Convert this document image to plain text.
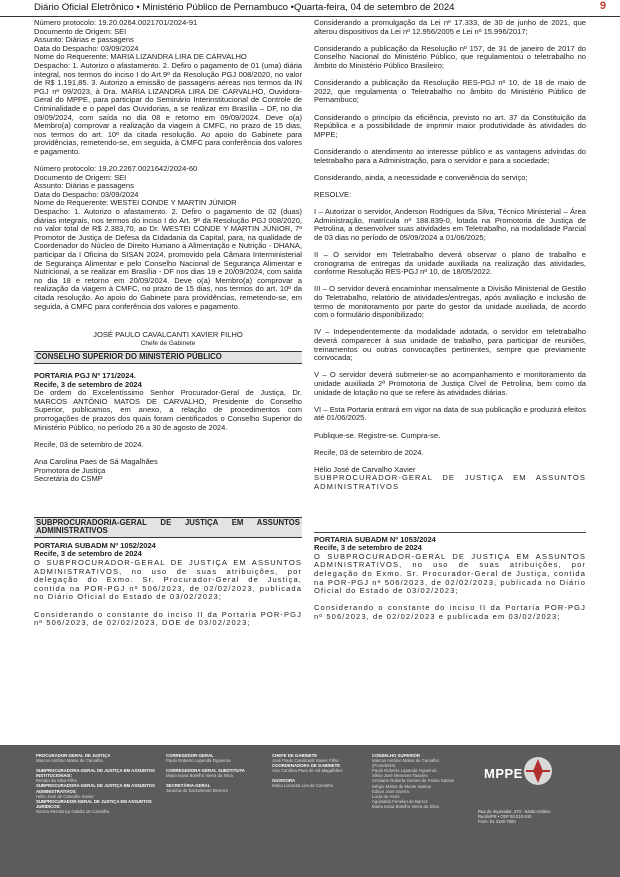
Diário Oficial Eletrônico • Ministério Público de Pernambuco •Quarta-feira, 04 de setembro de 2024	9

Número protocolo: 19.20.0264.0021701/2024-91
Documento de Origem: SEI
Assunto: Diárias e passagens
Data do Despacho: 03/09/2024
Nome do Requerente: MARIA LIZANDRA LIRA DE CARVALHO
Despacho: 1. Autorizo o afastamento. 2. Defiro o pagamento de 01 (uma) diária integral, nos termos do inciso I do Art.9º da Resolução PGJ 008/2020, no valor de R$ 1.191,85. 3. Autorizo a emissão de passagens aéreas nos termos da IN PGJ nº 09/2023, à Dra. MARIA LIZANDRA LIRA DE CARVALHO, Ouvidora-Geral do MPPE, para participar do Seminário Interinstitucional de Controle de Criminalidade e o papel das Ouvidorias, a se realizar em Brasília – DF, no dia 09/09/2024, com saída no dia 08 e retorno em 09/09/2024. Deve o(a) Membro(a) comprovar a realização da viagem à CMFC, no prazo de 15 dias, nos termos do art. 10º da citada resolução. Ao apoio do Gabinete para providências, remetendo-se, em seguida, à CMFC para conferência dos valores e pagamento.

Número protocolo: 19.20.2267.0021642/2024-60
Documento de Origem: SEI
Assunto: Diárias e passagens
Data do Despacho: 03/09/2024
Nome do Requerente: WESTEI CONDE Y MARTIN JÚNIOR
Despacho: 1. Autorizo o afastamento. 2. Defiro o pagamento de 02 (duas) diárias integrais, nos termos do inciso I do Art. 9º da Resolução PGJ 008/2020, no valor total de R$ 2.383,70, ao Dr. WESTEI CONDE Y MARTIN JÚNIOR, 7º Promotor de Justiça de Defesa da Cidadania da Capital, para, na qualidade de Coordenador do Núcleo de Direito Humano à Alimentação e Nutrição - DHANA, participar da I Oficina do SISAN 2024, promovido pela Câmara Interministerial de Segurança Alimentar e pelo Conselho Nacional de Segurança Alimentar e Nutricional, a se realizar em Brasília - DF nos dias 19 e 20/09/2024, com saída no dia 18 e retorno em 20/09/2024. Deve o(a) Membro(a) comprovar a realização da viagem à CMFC, no prazo de 15 dias, nos termos do art. 10º da citada resolução. Ao apoio do Gabinete para providências, remetendo-se, em seguida, à CMFC para conferência dos valores e pagamento.

JOSÉ PAULO CAVALCANTI XAVIER FILHO
Chefe de Gabinete
CONSELHO SUPERIOR DO MINISTÉRIO PÚBLICO
PORTARIA PGJ Nº 171/2024.
Recife, 3 de setembro de 2024

De ordem do Excelentíssimo Senhor Procurador-Geral de Justiça, Dr. MARCOS ANTÔNIO MATOS DE CARVALHO, Presidente do Conselho Superior, publicamos, em anexo, a relação de procedimentos com prorrogações de prazos dos quais foram cientificados o Conselho Superior do Ministério Público, no período 26 a 30 de agosto de 2024.

Recife, 03 de setembro de 2024.

Ana Carolina Paes de Sá Magalhães
Promotora de Justiça
Secretária do CSMP

SUBPROCURADORIA-GERAL DE JUSTIÇA EM ASSUNTOS ADMINISTRATIVOS
PORTARIA SUBADM Nº 1052/2024
Recife, 3 de setembro de 2024

O SUBPROCURADOR-GERAL DE JUSTIÇA EM ASSUNTOS ADMINISTRATIVOS, no uso de suas atribuições, por delegação do Exmo. Sr. Procurador-Geral de Justiça, contida na POR-PGJ nº 506/2023, de 02/02/2023, publicada no Diário Oficial do Estado de 03/02/2023;

Considerando o constante do inciso II da Portaria POR-PGJ nº 506/2023, de 02/02/2023, DOE de 03/02/2023;

Considerando a promulgação da Lei nº 17.333, de 30 de junho de 2021, que alterou dispositivos da Lei nº 12.956/2005 e Lei nº 15.996/2017;

Considerando a publicação da Resolução nº 157, de 31 de janeiro de 2017 do Conselho Nacional do Ministério Público, que regulamentou o teletrabalho no âmbito do Ministério Público Brasileiro;

Considerando a publicação da Resolução RES-PGJ nº 10, de 18 de maio de 2022, que regulamenta o Teletrabalho no âmbito do Ministério Público de Pernambuco;

Considerando o princípio da eficiência, previsto no art. 37 da Constituição da República e a possibilidade de imprimir maior produtividade às atividades do MPPE;

Considerando o atendimento ao interesse público e as vantagens advindas do teletrabalho para a Administração, para o servidor e para a sociedade;

Considerando, ainda, a necessidade e conveniência do serviço;

RESOLVE:

I – Autorizar o servidor, Anderson Rodrigues da Silva, Técnico Ministerial – Área Administração, matrícula nº 188.839-0, lotada na Promotoria de Justiça de Petrolina, a desenvolver suas atividades em Teletrabalho, na modalidade Parcial de 03 dias no período de 05/09/2024 a 01/06/2025;

II – O servidor em Teletrabalho deverá observar o plano de trabalho e cronograma de entregas da unidade auxiliada na realização das atividades, conforme Resolução RES-PGJ nº 10, de 18/05/2022.

III – O servidor deverá encaminhar mensalmente a Divisão Ministerial de Gestão do Teletrabalho, relatório de atividades/entregas, após avaliação e inclusão de termo de monitoramento por parte do gestor da unidade auxiliada, de acordo com o formulário disponibilizado;

IV – Independentemente da modalidade adotada, o servidor em teletrabalho deverá comparecer à sua unidade de trabalho, para participar de reuniões, treinamentos ou outras convocações pertinentes, sempre que previamente convocada;

V – O servidor deverá submeter-se ao acompanhamento e monitoramento da unidade auxiliada 2ª Promotoria de Justiça Cível de Petrolina, bem como da unidade de lotação no que se refere às atividades diárias.

VI – Esta Portaria entrará em vigor na data de sua publicação e produzirá efeitos até 01/06/2025.

Publique-se. Registre-se. Cumpra-se.

Recife, 03 de setembro de 2024.

Hélio José de Carvalho Xavier

SUBPROCURADOR-GERAL DE JUSTIÇA EM ASSUNTOS ADMINISTRATIVOS

PORTARIA SUBADM Nº 1053/2024
Recife, 3 de setembro de 2024

O SUBPROCURADOR-GERAL DE JUSTIÇA EM ASSUNTOS ADMINISTRATIVOS, no uso de suas atribuições, por delegação do Exmo. Sr. Procurador-Geral de Justiça, contida na POR-PGJ nº 506/2023, de 02/02/2023, publicada no Diário Oficial do Estado de 03/02/2023;

Considerando o constante do inciso II da Portaria POR-PGJ nº 506/2023, de 02/02/2023 e publicada em 03/02/2023;

PROCURADOR-GERAL DE JUSTIÇA
Marcos Antônio Matos de Carvalho
SUBPROCURADORA-GERAL DE JUSTIÇA EM ASSUNTOS INSTITUCIONAIS:
Renato da Silva Filho
SUBPROCURADORA-GERAL DE JUSTIÇA EM ASSUNTOS ADMINISTRATIVOS:
Hélio José de Carvalho Xavier
SUBPROCURADOR-GERAL DE JUSTIÇA EM ASSUNTOS JURÍDICOS:
Norma Mendonça Galvão de Carvalho
CORREGEDOR-GERAL
Paulo Roberto Lapenda Figueiroa
CORREGEDORA-GERAL SUBSTITUTA
Maria Ivana Botelho Vieira da Silva
SECRETÁRIA-GERAL
Janaína do Sacramento Bezerra
CHEFE DE GABINETE
José Paulo Cavalcanti Xavier Filho
COORDENADORA DE GABINETE
Ana Carolina Paes de Sá Magalhães
OUVIDORA
Maria Lizandra Lira de Carvalho
CONSELHO SUPERIOR
Marcos Antônio Matos de Carvalho
(Presidente)
Paulo Roberto Lapenda Figueiroa
Sílvio José Menezes Tavares
Cristiane Roberta Gomes de Farias Santos
Sérgio Matos de Monte Santos
Edson José Guerra
Lúcia de Assis
Aguinaldo Fenelon de Barros
Maria Ivana Botelho Vieira da Silva
MPPE
Rua do Imperador, 473 - Santo Antônio
Recife/PE • CEP 50.010-240
Fone: 81 3182-7000
